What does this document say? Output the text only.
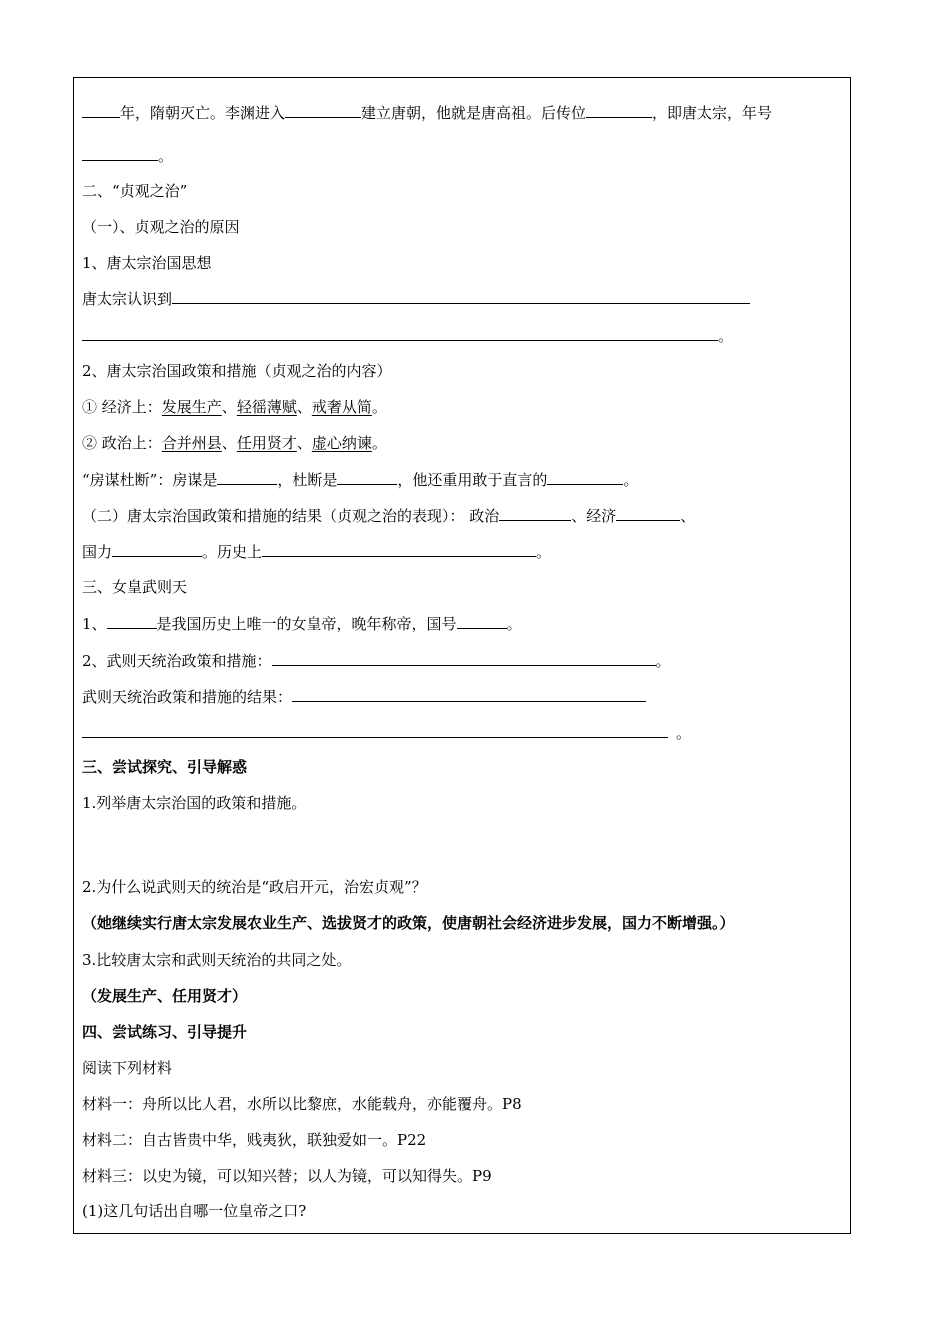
年，隋朝灭亡。李渊进入	建立唐朝，他就是唐高祖。后传位	，即唐太宗，年号
。
二、“贞观之治”
（一）、贞观之治的原因
1、唐太宗治国思想
唐太宗认识到
。
2、唐太宗治国政策和措施（贞观之治的内容）
① 经济上：发展生产、轻徭薄赋、戒奢从简。
② 政治上：合并州县、任用贤才、虚心纳谏。
“房谋杜断”：房谋是	，杜断是	，他还重用敢于直言的	。
（二）唐太宗治国政策和措施的结果（贞观之治的表现）： 政治	、经济	、
国力	。历史上	。
三、女皇武则天
1、	是我国历史上唯一的女皇帝，晚年称帝，国号	。
2、武则天统治政策和措施：	。
武则天统治政策和措施的结果：
。
三、尝试探究、引导解惑
1.列举唐太宗治国的政策和措施。
2.为什么说武则天的统治是“政启开元，治宏贞观”？
（她继续实行唐太宗发展农业生产、选拔贤才的政策，使唐朝社会经济进步发展，国力不断增强。）
3.比较唐太宗和武则天统治的共同之处。
（发展生产、任用贤才）
四、尝试练习、引导提升
阅读下列材料
材料一：舟所以比人君，水所以比黎庶，水能载舟，亦能覆舟。P8
材料二：自古皆贵中华，贱夷狄，联独爱如一。P22
材料三：以史为镜，可以知兴替；以人为镜，可以知得失。P9
(1)这几句话出自哪一位皇帝之口?
